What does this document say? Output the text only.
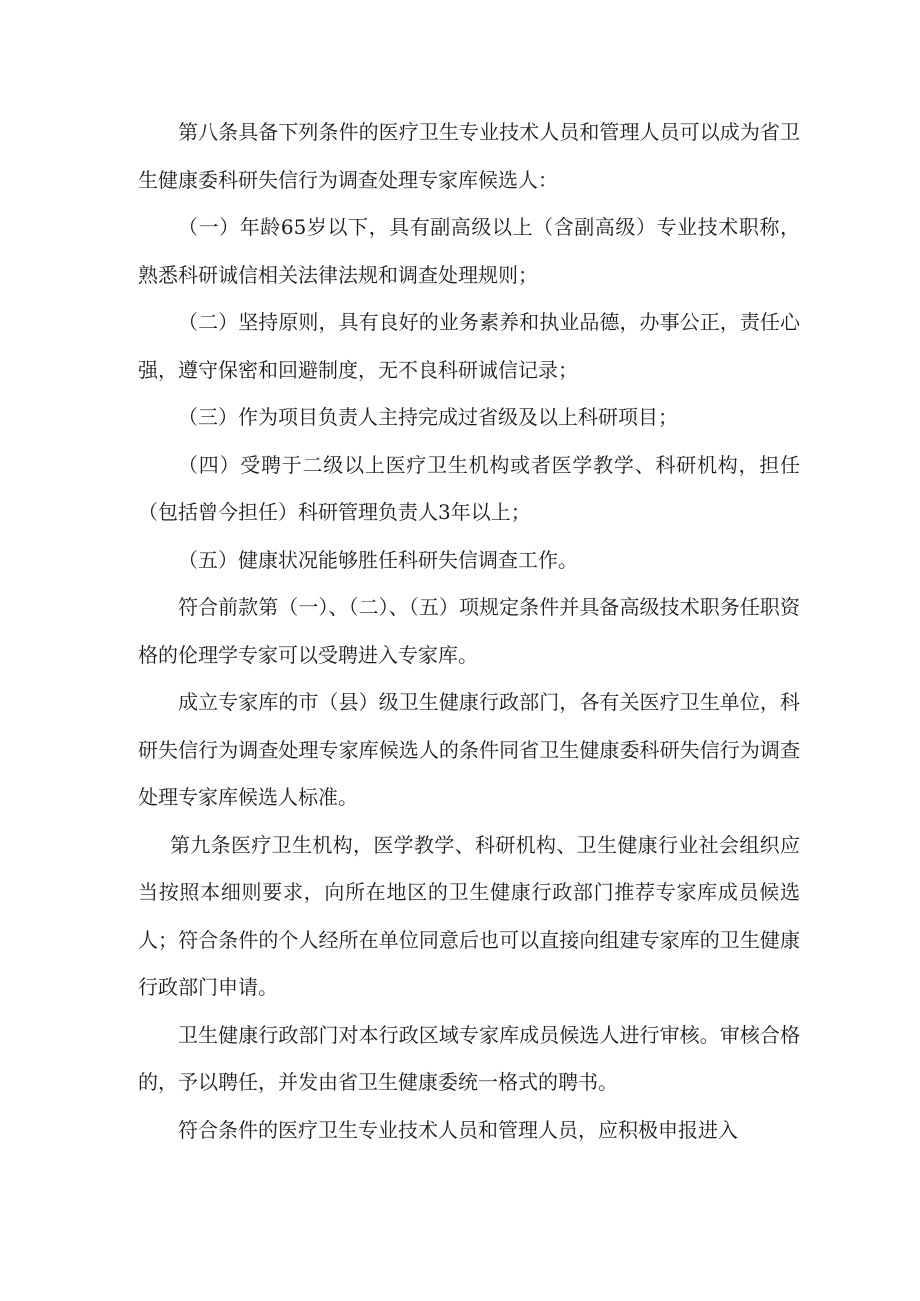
第八条具备下列条件的医疗卫生专业技术人员和管理人员可以成为省卫生健康委科研失信行为调查处理专家库候选人：

（一）年龄65岁以下，具有副高级以上（含副高级）专业技术职称，熟悉科研诚信相关法律法规和调查处理规则；

（二）坚持原则，具有良好的业务素养和执业品德，办事公正，责任心强，遵守保密和回避制度，无不良科研诚信记录；

（三）作为项目负责人主持完成过省级及以上科研项目；

（四）受聘于二级以上医疗卫生机构或者医学教学、科研机构，担任（包括曾今担任）科研管理负责人3年以上；

（五）健康状况能够胜任科研失信调查工作。

符合前款第（一）、（二）、（五）项规定条件并具备高级技术职务任职资格的伦理学专家可以受聘进入专家库。

成立专家库的市（县）级卫生健康行政部门，各有关医疗卫生单位，科研失信行为调查处理专家库候选人的条件同省卫生健康委科研失信行为调查处理专家库候选人标准。

第九条医疗卫生机构，医学教学、科研机构、卫生健康行业社会组织应当按照本细则要求，向所在地区的卫生健康行政部门推荐专家库成员候选人；符合条件的个人经所在单位同意后也可以直接向组建专家库的卫生健康行政部门申请。

卫生健康行政部门对本行政区域专家库成员候选人进行审核。审核合格的，予以聘任，并发由省卫生健康委统一格式的聘书。

符合条件的医疗卫生专业技术人员和管理人员，应积极申报进入
